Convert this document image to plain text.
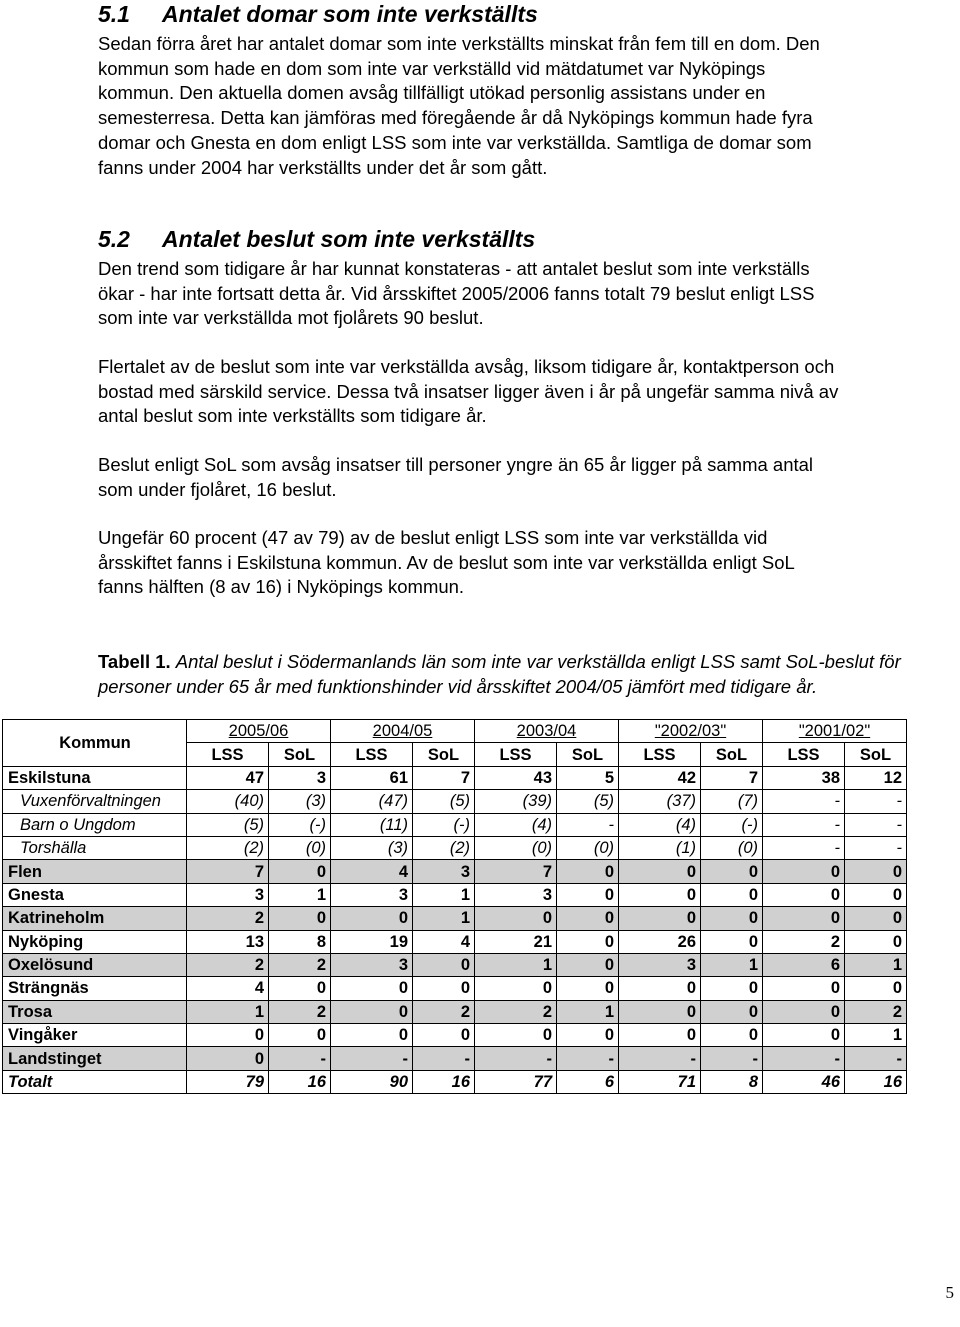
5.1 Antalet domar som inte verkställts

Sedan förra året har antalet domar som inte verkställts minskat från fem till en dom. Den
kommun som hade en dom som inte var verkställd vid mätdatumet var Nyköpings
kommun. Den aktuella domen avsåg tillfälligt utökad personlig assistans under en
semesterresa. Detta kan jämföras med föregående år då Nyköpings kommun hade fyra
domar och Gnesta en dom enligt LSS som inte var verkställda. Samtliga de domar som
fanns under 2004 har verkställts under det år som gått.

5.2 Antalet beslut som inte verkställts

Den trend som tidigare år har kunnat konstateras - att antalet beslut som inte verkställs
ökar - har inte fortsatt detta år. Vid årsskiftet 2005/2006 fanns totalt 79 beslut enligt LSS
som inte var verkställda mot fjolårets 90 beslut.

Flertalet av de beslut som inte var verkställda avsåg, liksom tidigare år, kontaktperson och
bostad med särskild service. Dessa två insatser ligger även i år på ungefär samma nivå av
antal beslut som inte verkställts som tidigare år.

Beslut enligt SoL som avsåg insatser till personer yngre än 65 år ligger på samma antal
som under fjolåret, 16 beslut.

Ungefär 60 procent (47 av 79) av de beslut enligt LSS som inte var verkställda vid
årsskiftet fanns i Eskilstuna kommun. Av de beslut som inte var verkställda enligt SoL
fanns hälften (8 av 16) i Nyköpings kommun.

Tabell 1. Antal beslut i Södermanlands län som inte var verkställda enligt LSS samt SoL-beslut för
personer under 65 år med funktionshinder vid årsskiftet 2004/05 jämfört med tidigare år.

Kommun	2005/06		2004/05		2003/04		"2002/03"		"2001/02"	
	LSS	SoL	LSS	SoL	LSS	SoL	LSS	SoL	LSS	SoL
Eskilstuna	47	3	61	7	43	5	42	7	38	12
Vuxenförvaltningen	(40)	(3)	(47)	(5)	(39)	(5)	(37)	(7)	-	-
Barn o Ungdom	(5)	(-)	(11)	(-)	(4)	-	(4)	(-)	-	-
Torshälla	(2)	(0)	(3)	(2)	(0)	(0)	(1)	(0)	-	-
Flen	7	0	4	3	7	0	0	0	0	0
Gnesta	3	1	3	1	3	0	0	0	0	0
Katrineholm	2	0	0	1	0	0	0	0	0	0
Nyköping	13	8	19	4	21	0	26	0	2	0
Oxelösund	2	2	3	0	1	0	3	1	6	1
Strängnäs	4	0	0	0	0	0	0	0	0	0
Trosa	1	2	0	2	2	1	0	0	0	2
Vingåker	0	0	0	0	0	0	0	0	0	1
Landstinget	0	-	-	-	-	-	-	-	-	-
Totalt	79	16	90	16	77	6	71	8	46	16
5
